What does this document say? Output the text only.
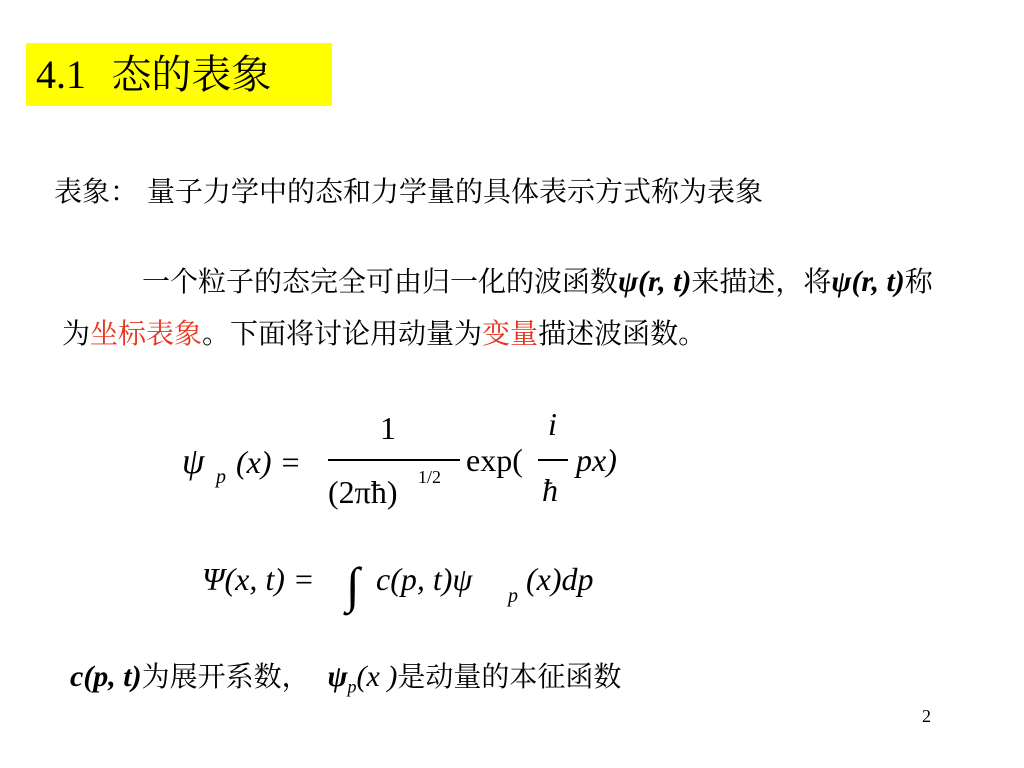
4.1 态的表象
表象： 量子力学中的态和力学量的具体表示方式称为表象
一个粒子的态完全可由归一化的波函数ψ(r, t)来描述，将ψ(r, t)称为坐标表象。下面将讨论用动量为变量描述波函数。
ψ p (x) =
1
(2πħ) 1/2 exp(
i
ħ
px)
Ψ(x, t) = ∫ c(p, t)ψ p (x)dp
c(p, t)为展开系数， $\psi_p(x$ )是动量的本征函数
2
